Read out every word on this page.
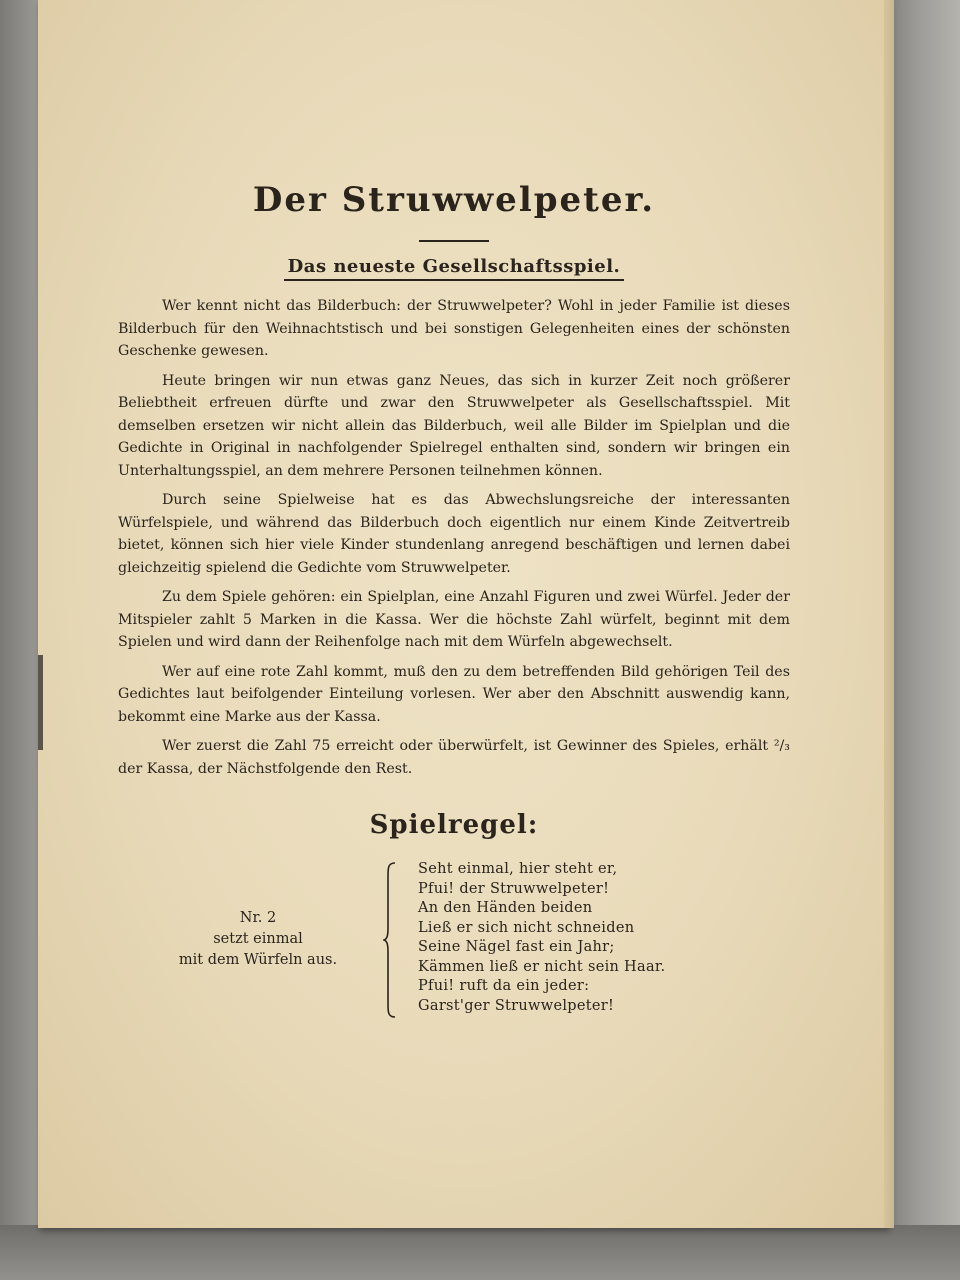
Der Struwwelpeter.
Das neueste Gesellschaftsspiel.

Wer kennt nicht das Bilderbuch: der Struwwelpeter? Wohl in jeder Familie ist dieses Bilderbuch für den Weihnachtstisch und bei sonstigen Gelegenheiten eines der schönsten Geschenke gewesen.

Heute bringen wir nun etwas ganz Neues, das sich in kurzer Zeit noch größerer Beliebtheit erfreuen dürfte und zwar den Struwwelpeter als Gesellschaftsspiel. Mit demselben ersetzen wir nicht allein das Bilderbuch, weil alle Bilder im Spielplan und die Gedichte in Original in nachfolgender Spielregel enthalten sind, sondern wir bringen ein Unterhaltungsspiel, an dem mehrere Personen teilnehmen können.

Durch seine Spielweise hat es das Abwechslungsreiche der interessanten Würfelspiele, und während das Bilderbuch doch eigentlich nur einem Kinde Zeitvertreib bietet, können sich hier viele Kinder stundenlang anregend beschäftigen und lernen dabei gleichzeitig spielend die Gedichte vom Struwwelpeter.

Zu dem Spiele gehören: ein Spielplan, eine Anzahl Figuren und zwei Würfel. Jeder der Mitspieler zahlt 5 Marken in die Kassa. Wer die höchste Zahl würfelt, beginnt mit dem Spielen und wird dann der Reihenfolge nach mit dem Würfeln abgewechselt.

Wer auf eine rote Zahl kommt, muß den zu dem betreffenden Bild gehörigen Teil des Gedichtes laut beifolgender Einteilung vorlesen. Wer aber den Abschnitt auswendig kann, bekommt eine Marke aus der Kassa.

Wer zuerst die Zahl 75 erreicht oder überwürfelt, ist Gewinner des Spieles, erhält ²/₃ der Kassa, der Nächstfolgende den Rest.

Spielregel:
Nr. 2
setzt einmal
mit dem Würfeln aus.
Seht einmal, hier steht er,
Pfui! der Struwwelpeter!
An den Händen beiden
Ließ er sich nicht schneiden
Seine Nägel fast ein Jahr;
Kämmen ließ er nicht sein Haar.
Pfui! ruft da ein jeder:
Garst'ger Struwwelpeter!
